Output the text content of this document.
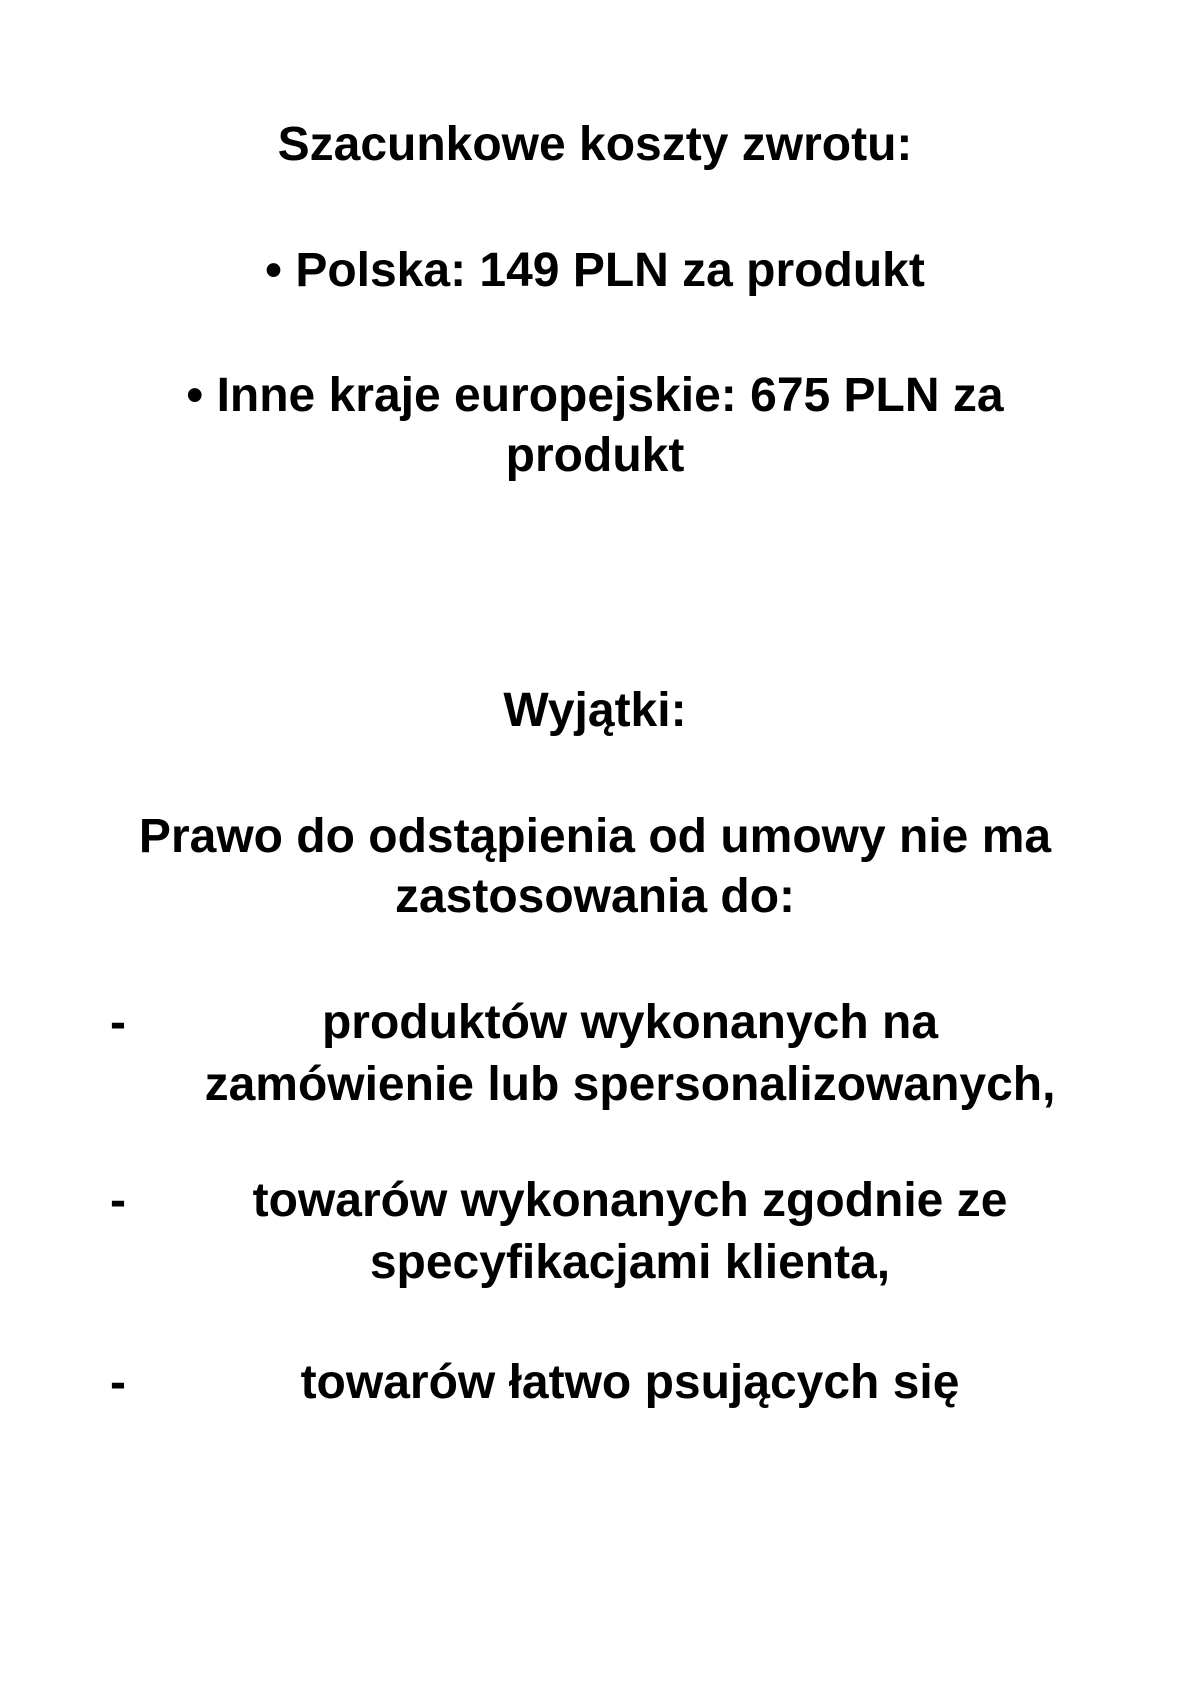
Szacunkowe koszty zwrotu:
• Polska: 149 PLN za produkt
• Inne kraje europejskie: 675 PLN za
produkt
Wyjątki:
Prawo do odstąpienia od umowy nie ma
zastosowania do:
-	produktów wykonanych na
zamówienie lub spersonalizowanych,
-	towarów wykonanych zgodnie ze
specyfikacjami klienta,
-	towarów łatwo psujących się
